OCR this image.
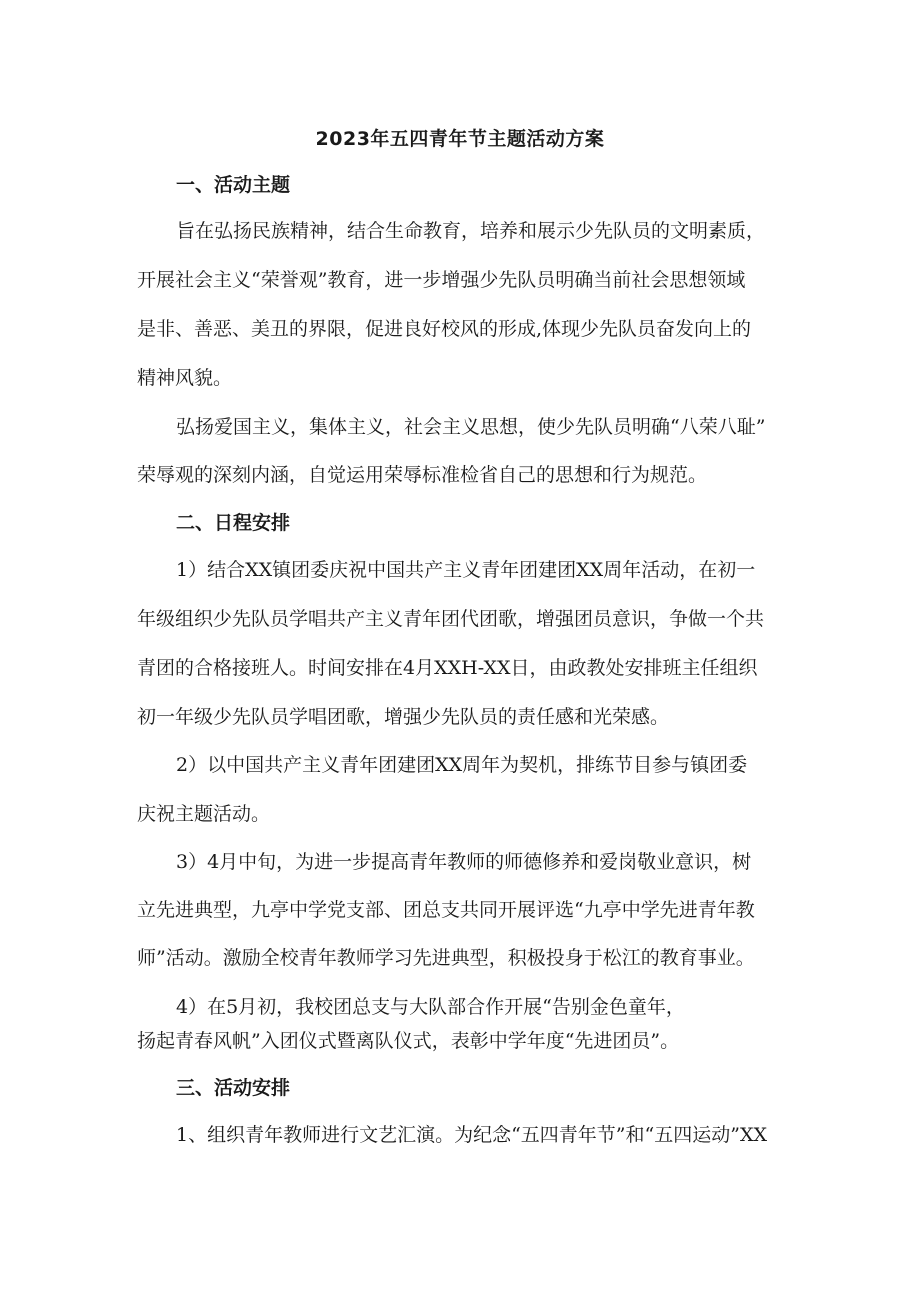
2023年五四青年节主题活动方案
一、活动主题

旨在弘扬民族精神，结合生命教育，培养和展示少先队员的文明素质，

开展社会主义“荣誉观”教育，进一步增强少先队员明确当前社会思想领域

是非、善恶、美丑的界限，促进良好校风的形成,体现少先队员奋发向上的

精神风貌。

弘扬爱国主义，集体主义，社会主义思想，使少先队员明确“八荣八耻”

荣辱观的深刻内涵，自觉运用荣辱标准检省自己的思想和行为规范。

二、日程安排

1）结合XX镇团委庆祝中国共产主义青年团建团XX周年活动，在初一

年级组织少先队员学唱共产主义青年团代团歌，增强团员意识，争做一个共

青团的合格接班人。时间安排在4月XXH-XX日，由政教处安排班主任组织

初一年级少先队员学唱团歌，增强少先队员的责任感和光荣感。

2）以中国共产主义青年团建团XX周年为契机，排练节目参与镇团委

庆祝主题活动。

3）4月中旬，为进一步提高青年教师的师德修养和爱岗敬业意识，树

立先进典型，九亭中学党支部、团总支共同开展评选“九亭中学先进青年教

师”活动。激励全校青年教师学习先进典型，积极投身于松江的教育事业。

4）在5月初，我校团总支与大队部合作开展“告别金色童年，

扬起青春风帆”入团仪式暨离队仪式，表彰中学年度“先进团员”。

三、活动安排

1、组织青年教师进行文艺汇演。为纪念“五四青年节”和“五四运动”XX
